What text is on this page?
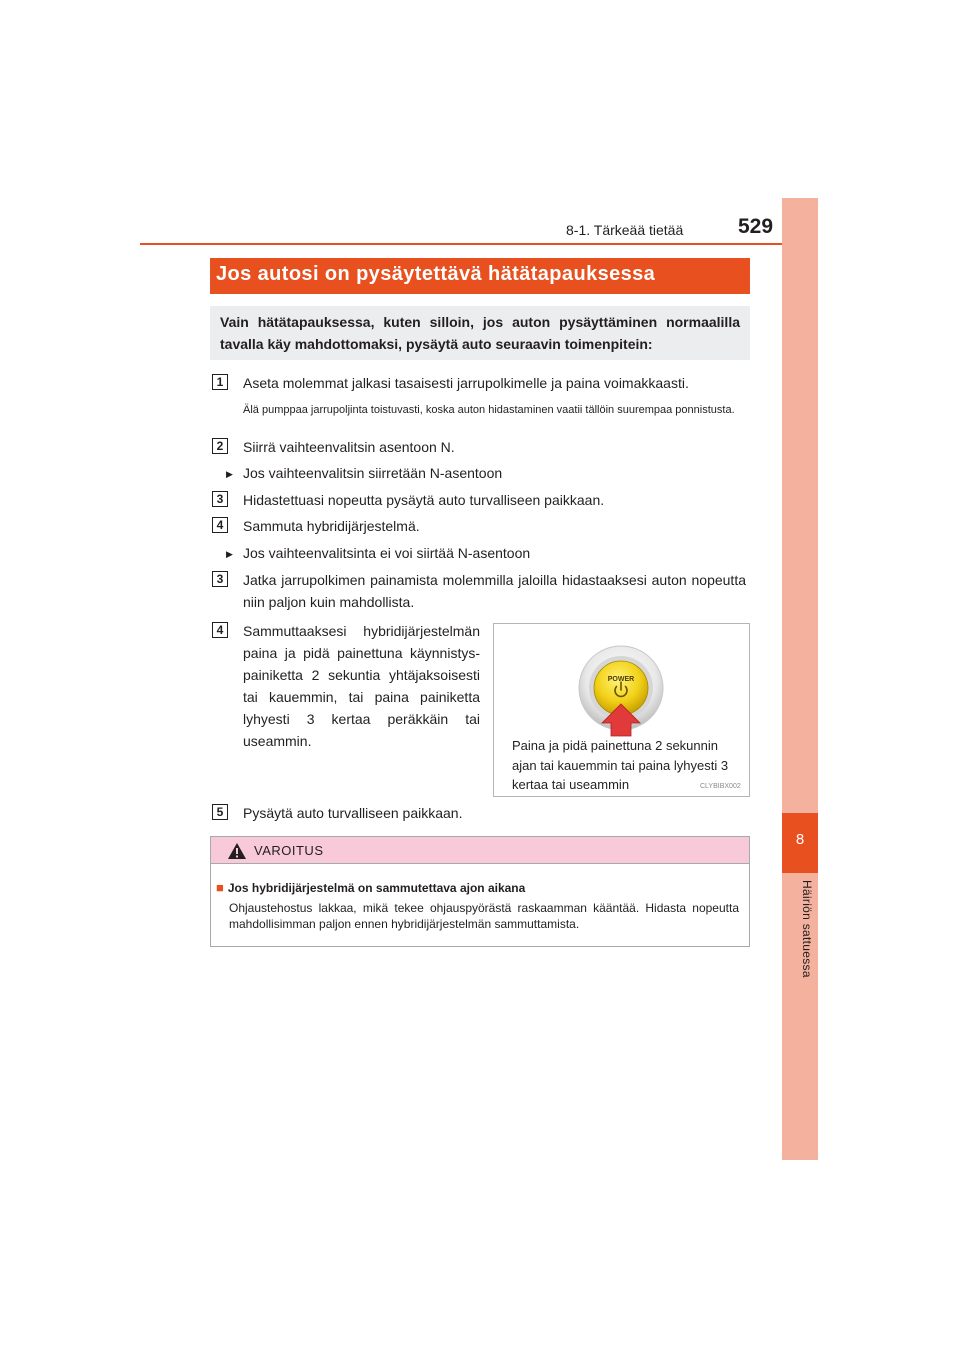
8-1. Tärkeää tietää	529
8
Häiriön sattuessa
Jos autosi on pysäytettävä hätätapauksessa
Vain hätätapauksessa, kuten silloin, jos auton pysäyttäminen normaalilla tavalla käy mahdottomaksi, pysäytä auto seuraavin toimenpitein:
1	Aseta molemmat jalkasi tasaisesti jarrupolkimelle ja paina voimakkaasti.
Älä pumppaa jarrupoljinta toistuvasti, koska auton hidastaminen vaatii tällöin suurempaa ponnistusta.
2	Siirrä vaihteenvalitsin asentoon N.
▶ Jos vaihteenvalitsin siirretään N-asentoon
3	Hidastettuasi nopeutta pysäytä auto turvalliseen paikkaan.
4	Sammuta hybridijärjestelmä.
▶ Jos vaihteenvalitsinta ei voi siirtää N-asentoon
3	Jatka jarrupolkimen painamista molemmilla jaloilla hidastaaksesi auton nopeutta niin paljon kuin mahdollista.
4	Sammuttaaksesi hybridijärjestelmän
paina ja pidä painettuna käynnistys-
painiketta 2 sekuntia yhtäjaksoisesti
tai kauemmin, tai paina painiketta
lyhyesti 3 kertaa peräkkäin tai
useammin.
POWER
Paina ja pidä painettuna 2 sekunnin
ajan tai kauemmin tai paina lyhyesti 3
kertaa tai useammin	CLYBIBX002
5	Pysäytä auto turvalliseen paikkaan.
VAROITUS
■ Jos hybridijärjestelmä on sammutettava ajon aikana
Ohjaustehostus lakkaa, mikä tekee ohjauspyörästä raskaamman kääntää. Hidasta nopeutta mahdollisimman paljon ennen hybridijärjestelmän sammuttamista.
